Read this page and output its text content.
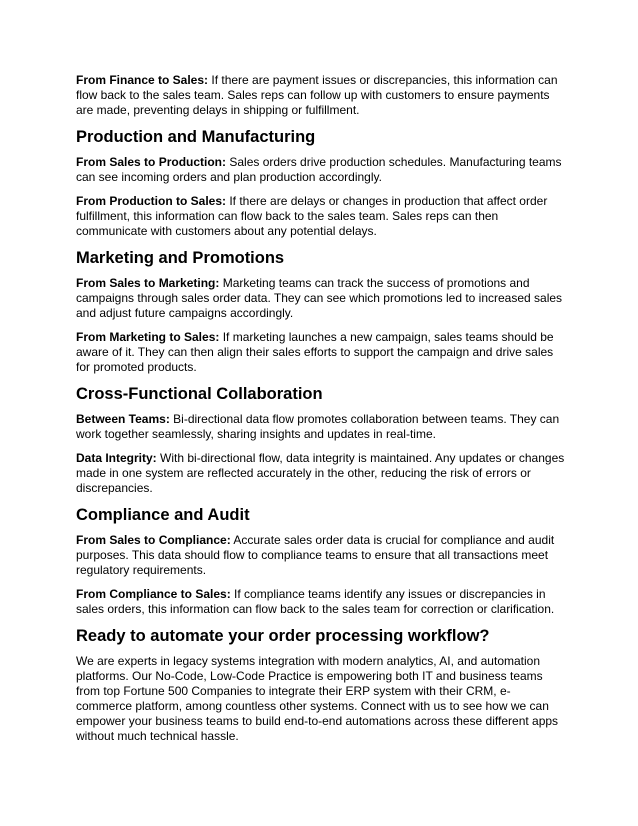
From Finance to Sales: If there are payment issues or discrepancies, this information can flow back to the sales team. Sales reps can follow up with customers to ensure payments are made, preventing delays in shipping or fulfillment.

Production and Manufacturing

From Sales to Production: Sales orders drive production schedules. Manufacturing teams can see incoming orders and plan production accordingly.

From Production to Sales: If there are delays or changes in production that affect order fulfillment, this information can flow back to the sales team. Sales reps can then communicate with customers about any potential delays.

Marketing and Promotions

From Sales to Marketing: Marketing teams can track the success of promotions and campaigns through sales order data. They can see which promotions led to increased sales and adjust future campaigns accordingly.

From Marketing to Sales: If marketing launches a new campaign, sales teams should be aware of it. They can then align their sales efforts to support the campaign and drive sales for promoted products.

Cross-Functional Collaboration

Between Teams: Bi-directional data flow promotes collaboration between teams. They can work together seamlessly, sharing insights and updates in real-time.

Data Integrity: With bi-directional flow, data integrity is maintained. Any updates or changes made in one system are reflected accurately in the other, reducing the risk of errors or discrepancies.

Compliance and Audit

From Sales to Compliance: Accurate sales order data is crucial for compliance and audit purposes. This data should flow to compliance teams to ensure that all transactions meet regulatory requirements.

From Compliance to Sales: If compliance teams identify any issues or discrepancies in sales orders, this information can flow back to the sales team for correction or clarification.

Ready to automate your order processing workflow?

We are experts in legacy systems integration with modern analytics, AI, and automation platforms. Our No-Code, Low-Code Practice is empowering both IT and business teams from top Fortune 500 Companies to integrate their ERP system with their CRM, e-commerce platform, among countless other systems. Connect with us to see how we can empower your business teams to build end-to-end automations across these different apps without much technical hassle.
